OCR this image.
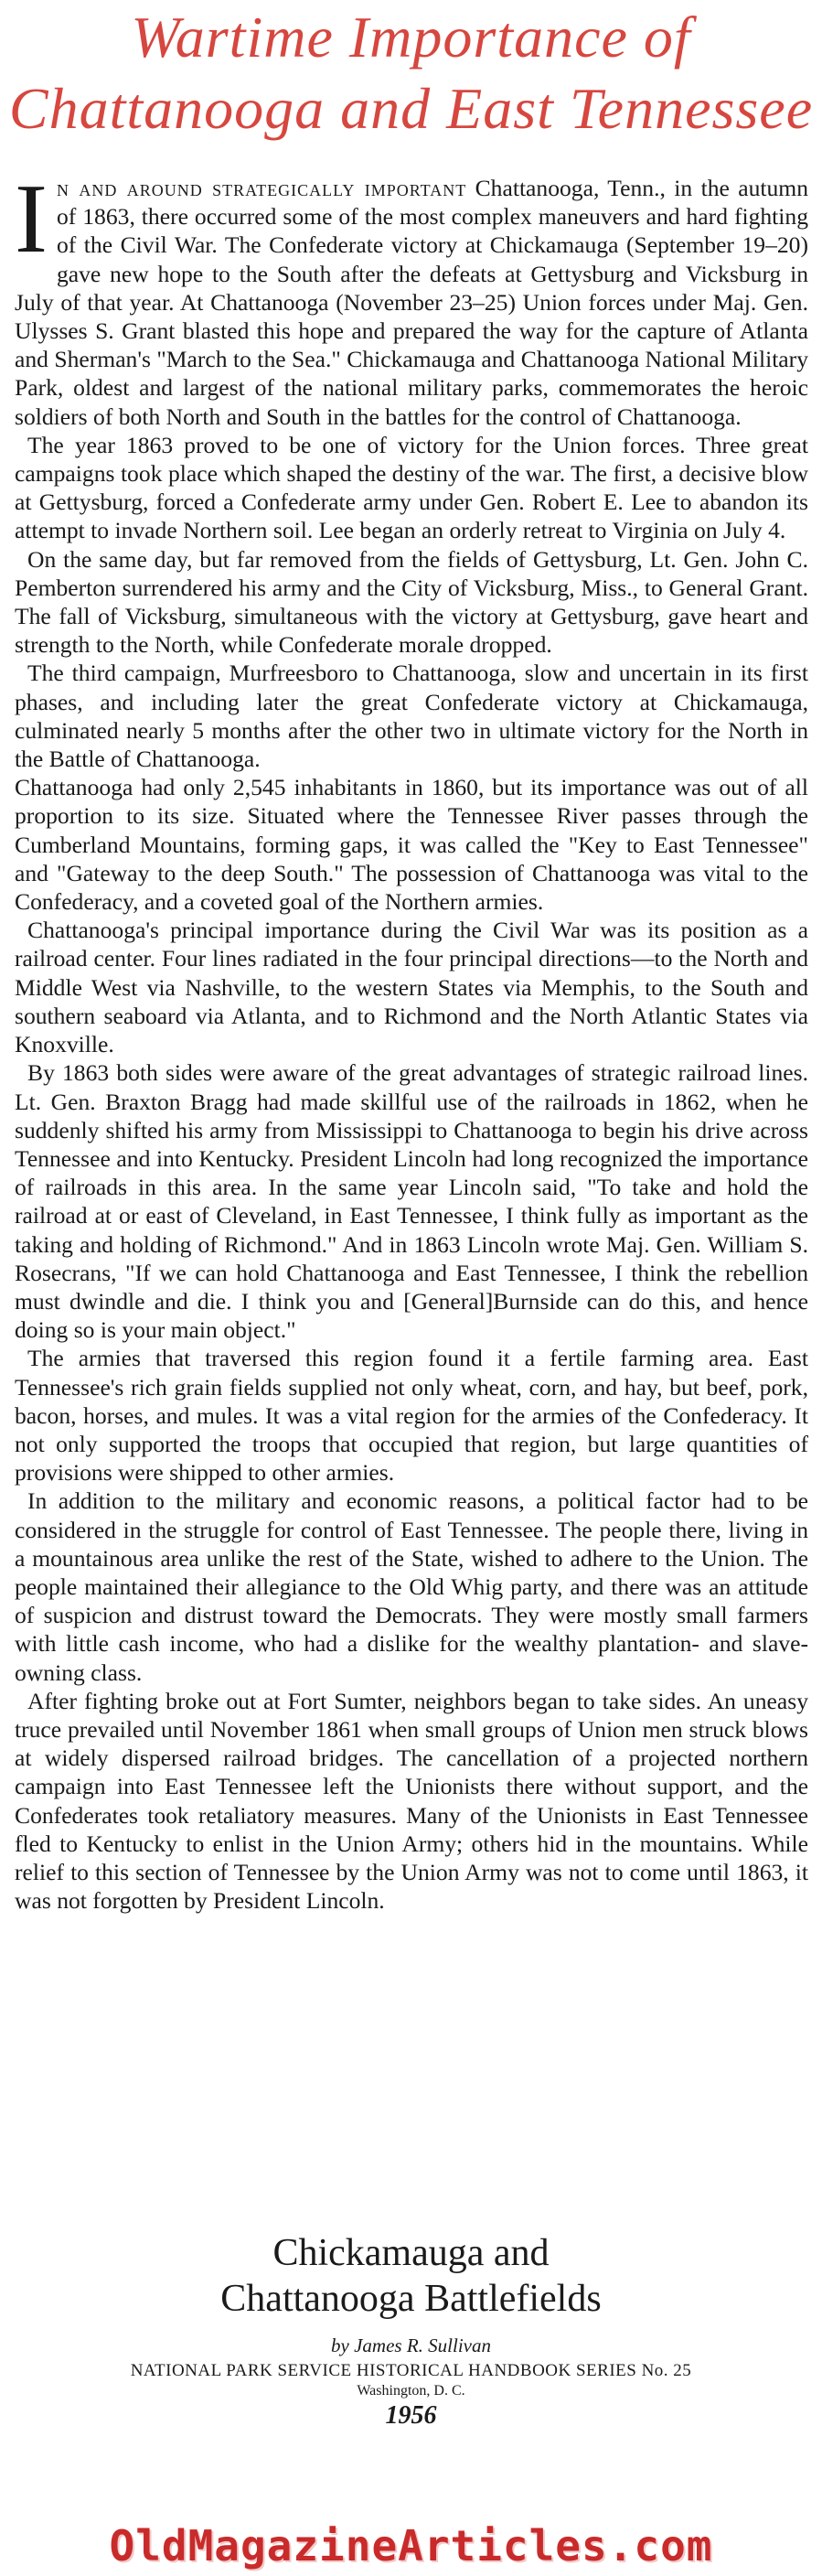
Wartime Importance of
Chattanooga and East Tennessee

In and around strategically important Chattanooga, Tenn., in the autumn of 1863, there occurred some of the most complex maneuvers and hard fighting of the Civil War. The Confederate victory at Chickamauga (September 19–20) gave new hope to the South after the defeats at Gettysburg and Vicksburg in July of that year. At Chattanooga (November 23–25) Union forces under Maj. Gen. Ulysses S. Grant blasted this hope and prepared the way for the capture of Atlanta and Sherman's "March to the Sea." Chickamauga and Chattanooga National Military Park, oldest and largest of the national military parks, commemorates the heroic soldiers of both North and South in the battles for the control of Chattanooga.

The year 1863 proved to be one of victory for the Union forces. Three great campaigns took place which shaped the destiny of the war. The first, a decisive blow at Gettysburg, forced a Confederate army under Gen. Robert E. Lee to abandon its attempt to invade Northern soil. Lee began an orderly retreat to Virginia on July 4.

On the same day, but far removed from the fields of Gettysburg, Lt. Gen. John C. Pemberton surrendered his army and the City of Vicksburg, Miss., to General Grant. The fall of Vicksburg, simultaneous with the victory at Gettysburg, gave heart and strength to the North, while Confederate morale dropped.

The third campaign, Murfreesboro to Chattanooga, slow and uncertain in its first phases, and including later the great Confederate victory at Chickamauga, culminated nearly 5 months after the other two in ultimate victory for the North in the Battle of Chattanooga.

Chattanooga had only 2,545 inhabitants in 1860, but its importance was out of all proportion to its size. Situated where the Tennessee River passes through the Cumberland Mountains, forming gaps, it was called the "Key to East Tennessee" and "Gateway to the deep South." The possession of Chattanooga was vital to the Confederacy, and a coveted goal of the Northern armies.

Chattanooga's principal importance during the Civil War was its position as a railroad center. Four lines radiated in the four principal directions—to the North and Middle West via Nashville, to the western States via Memphis, to the South and southern seaboard via Atlanta, and to Richmond and the North Atlantic States via Knoxville.

By 1863 both sides were aware of the great advantages of strategic railroad lines. Lt. Gen. Braxton Bragg had made skillful use of the railroads in 1862, when he suddenly shifted his army from Mississippi to Chattanooga to begin his drive across Tennessee and into Kentucky. President Lincoln had long recognized the importance of railroads in this area. In the same year Lincoln said, "To take and hold the railroad at or east of Cleveland, in East Tennessee, I think fully as important as the taking and holding of Richmond." And in 1863 Lincoln wrote Maj. Gen. William S. Rosecrans, "If we can hold Chattanooga and East Tennessee, I think the rebellion must dwindle and die. I think you and [General]Burnside can do this, and hence doing so is your main object."

The armies that traversed this region found it a fertile farming area. East Tennessee's rich grain fields supplied not only wheat, corn, and hay, but beef, pork, bacon, horses, and mules. It was a vital region for the armies of the Confederacy. It not only supported the troops that occupied that region, but large quantities of provisions were shipped to other armies.

In addition to the military and economic reasons, a political factor had to be considered in the struggle for control of East Tennessee. The people there, living in a mountainous area unlike the rest of the State, wished to adhere to the Union. The people maintained their allegiance to the Old Whig party, and there was an attitude of suspicion and distrust toward the Democrats. They were mostly small farmers with little cash income, who had a dislike for the wealthy plantation- and slave-owning class.

After fighting broke out at Fort Sumter, neighbors began to take sides. An uneasy truce prevailed until November 1861 when small groups of Union men struck blows at widely dispersed railroad bridges. The cancellation of a projected northern campaign into East Tennessee left the Unionists there without support, and the Confederates took retaliatory measures. Many of the Unionists in East Tennessee fled to Kentucky to enlist in the Union Army; others hid in the mountains. While relief to this section of Tennessee by the Union Army was not to come until 1863, it was not forgotten by President Lincoln.

Chickamauga and
Chattanooga Battlefields
by James R. Sullivan
NATIONAL PARK SERVICE HISTORICAL HANDBOOK SERIES No. 25
Washington, D. C.
1956
OldMagazineArticles.com
